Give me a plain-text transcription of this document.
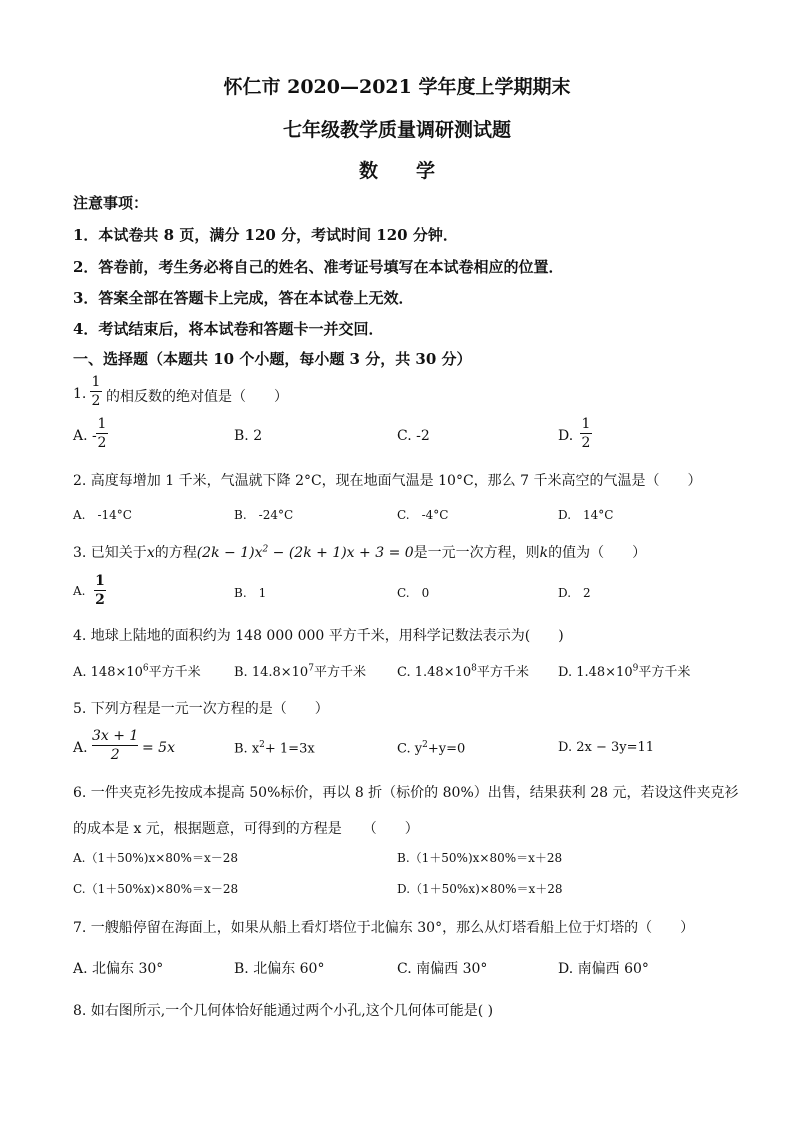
怀仁市 2020—2021 学年度上学期期末
七年级教学质量调研测试题
数　　学
注意事项：
1．本试卷共 8 页，满分 120 分，考试时间 120 分钟．
2．答卷前，考生务必将自己的姓名、准考证号填写在本试卷相应的位置．
3．答案全部在答题卡上完成，答在本试卷上无效．
4．考试结束后，将本试卷和答题卡一并交回．
一、选择题（本题共 10 个小题，每小题 3 分，共 30 分）
1.
1
2 的相反数的绝对值是（　　）
A. -
1
2	B. 2	C. -2	D.
1
2
2. 高度每增加 1 千米，气温就下降 2°C，现在地面气温是 10°C，那么 7 千米高空的气温是（　　）
A.　-14°C	B.　-24°C	C.　-4°C	D.　14°C
3. 已知关于x的方程$(2k - 1)x^2 - (2k + 1)x + 3 = 0$是一元一次方程，则k的值为（　　）
A.
1
2	B.　1	C.　0	D.　2
4. 地球上陆地的面积约为 148 000 000 平方千米，用科学记数法表示为(　　)
A. $148\times 10^6$平方千米	B. $14.8\times 10^7$平方千米 C. $1.48\times 10^8$平方千米 D. $1.48\times 10^9$平方千米
5. 下列方程是一元一次方程的是（　　）
A.
3x + 1
2 = 5x	B. $x^2+ 1=3x$	C. $y^2+y=0$	D. 2x − 3y=11
6. 一件夹克衫先按成本提高 50%标价，再以 8 折（标价的 80%）出售，结果获利 28 元，若设这件夹克衫
的成本是 x 元，根据题意，可得到的方程是　　（　　）
A.（1＋50%)x×80%＝x－28	B.（1＋50%)x×80%＝x＋28
C.（1＋50%x)×80%＝x－28	D.（1＋50%x)×80%＝x＋28
7. 一艘船停留在海面上，如果从船上看灯塔位于北偏东 30°，那么从灯塔看船上位于灯塔的（　　）
A. 北偏东 30°	B. 北偏东 60°	C. 南偏西 30°	D. 南偏西 60°
8. 如右图所示,一个几何体恰好能通过两个小孔,这个几何体可能是( )
